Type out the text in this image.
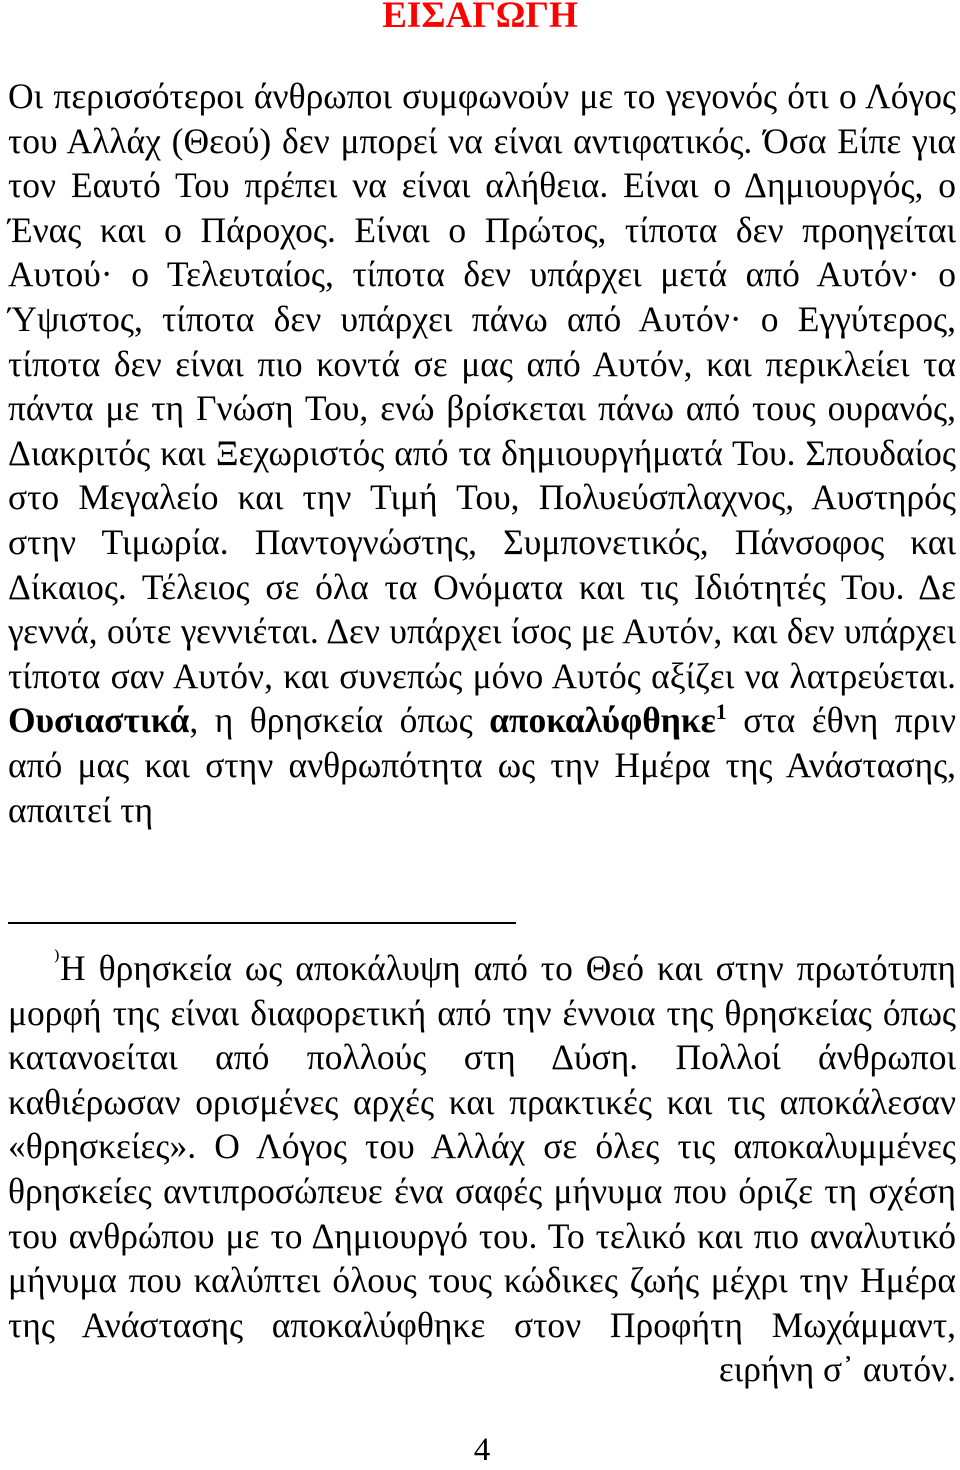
ΕΙΣΑΓΩΓΗ
Οι περισσότεροι άνθρωποι συμφωνούν με το γεγονός ότι ο Λόγος του Αλλάχ (Θεού) δεν μπορεί να είναι αντιφατικός. Όσα Είπε για τον Εαυτό Του πρέπει να είναι αλήθεια. Είναι ο Δημιουργός, ο Ένας και ο Πάροχος. Είναι ο Πρώτος, τίποτα δεν προηγείται Αυτού· ο Τελευταίος, τίποτα δεν υπάρχει μετά από Αυτόν· ο Ύψιστος, τίποτα δεν υπάρχει πάνω από Αυτόν· ο Εγγύτερος, τίποτα δεν είναι πιο κοντά σε μας από Αυτόν, και περικλείει τα πάντα με τη Γνώση Του, ενώ βρίσκεται πάνω από τους ουρανός, Διακριτός και Ξεχωριστός από τα δημιουργήματά Του. Σπουδαίος στο Μεγαλείο και την Τιμή Του, Πολυεύσπλαχνος, Αυστηρός στην Τιμωρία. Παντογνώστης, Συμπονετικός, Πάνσοφος και Δίκαιος. Τέλειος σε όλα τα Ονόματα και τις Ιδιότητές Του. Δε γεννά, ούτε γεννιέται. Δεν υπάρχει ίσος με Αυτόν, και δεν υπάρχει τίποτα σαν Αυτόν, και συνεπώς μόνο Αυτός αξίζει να λατρεύεται. Ουσιαστικά, η θρησκεία όπως αποκαλύφθηκε$^1$ στα έθνη πριν από μας και στην ανθρωπότητα ως την Ημέρα της Ανάστασης, απαιτεί τη
⁾Η θρησκεία ως αποκάλυψη από το Θεό και στην πρωτότυπη μορφή της είναι διαφορετική από την έννοια της θρησκείας όπως κατανοείται από πολλούς στη Δύση. Πολλοί άνθρωποι καθιέρωσαν ορισμένες αρχές και πρακτικές και τις αποκάλεσαν «θρησκείες». Ο Λόγος του Αλλάχ σε όλες τις αποκαλυμμένες θρησκείες αντιπροσώπευε ένα σαφές μήνυμα που όριζε τη σχέση του ανθρώπου με το Δημιουργό του. Το τελικό και πιο αναλυτικό μήνυμα που καλύπτει όλους τους κώδικες ζωής μέχρι την Ημέρα της Ανάστασης αποκαλύφθηκε στον Προφήτη Μωχάμμαντ, ειρήνη σ᾽ αυτόν.
4
